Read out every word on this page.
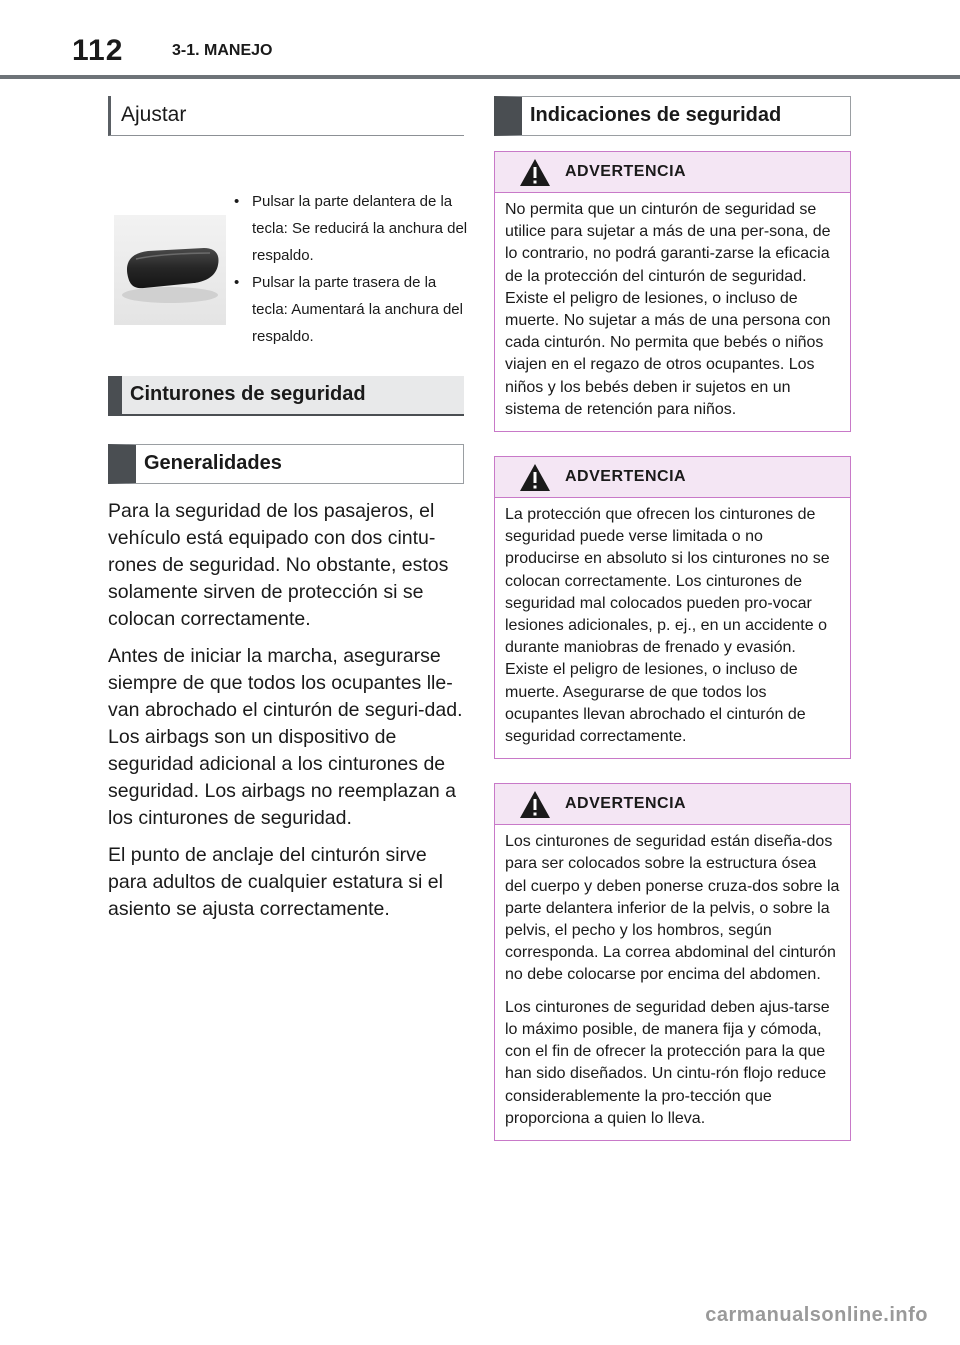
112	3-1. MANEJO
Ajustar
• Pulsar la parte delantera de la tecla: Se reducirá la anchura del respaldo.
• Pulsar la parte trasera de la tecla: Aumentará la anchura del respaldo.
Cinturones de seguridad
Generalidades

Para la seguridad de los pasajeros, el vehículo está equipado con dos cintu-rones de seguridad. No obstante, estos solamente sirven de protección si se colocan correctamente.

Antes de iniciar la marcha, asegurarse siempre de que todos los ocupantes lle-van abrochado el cinturón de seguri-dad. Los airbags son un dispositivo de seguridad adicional a los cinturones de seguridad. Los airbags no reemplazan a los cinturones de seguridad.

El punto de anclaje del cinturón sirve para adultos de cualquier estatura si el asiento se ajusta correctamente.

Indicaciones de seguridad
ADVERTENCIA

No permita que un cinturón de seguridad se utilice para sujetar a más de una per-sona, de lo contrario, no podrá garanti-zarse la eficacia de la protección del cinturón de seguridad. Existe el peligro de lesiones, o incluso de muerte. No sujetar a más de una persona con cada cinturón. No permita que bebés o niños viajen en el regazo de otros ocupantes. Los niños y los bebés deben ir sujetos en un sistema de retención para niños.

ADVERTENCIA

La protección que ofrecen los cinturones de seguridad puede verse limitada o no producirse en absoluto si los cinturones no se colocan correctamente. Los cinturones de seguridad mal colocados pueden pro-vocar lesiones adicionales, p. ej., en un accidente o durante maniobras de frenado y evasión. Existe el peligro de lesiones, o incluso de muerte. Asegurarse de que todos los ocupantes llevan abrochado el cinturón de seguridad correctamente.

ADVERTENCIA

Los cinturones de seguridad están diseña-dos para ser colocados sobre la estructura ósea del cuerpo y deben ponerse cruza-dos sobre la parte delantera inferior de la pelvis, o sobre la pelvis, el pecho y los hombros, según corresponda. La correa abdominal del cinturón no debe colocarse por encima del abdomen.

Los cinturones de seguridad deben ajus-tarse lo máximo posible, de manera fija y cómoda, con el fin de ofrecer la protección para la que han sido diseñados. Un cintu-rón flojo reduce considerablemente la pro-tección que proporciona a quien lo lleva.

carmanualsonline.info
